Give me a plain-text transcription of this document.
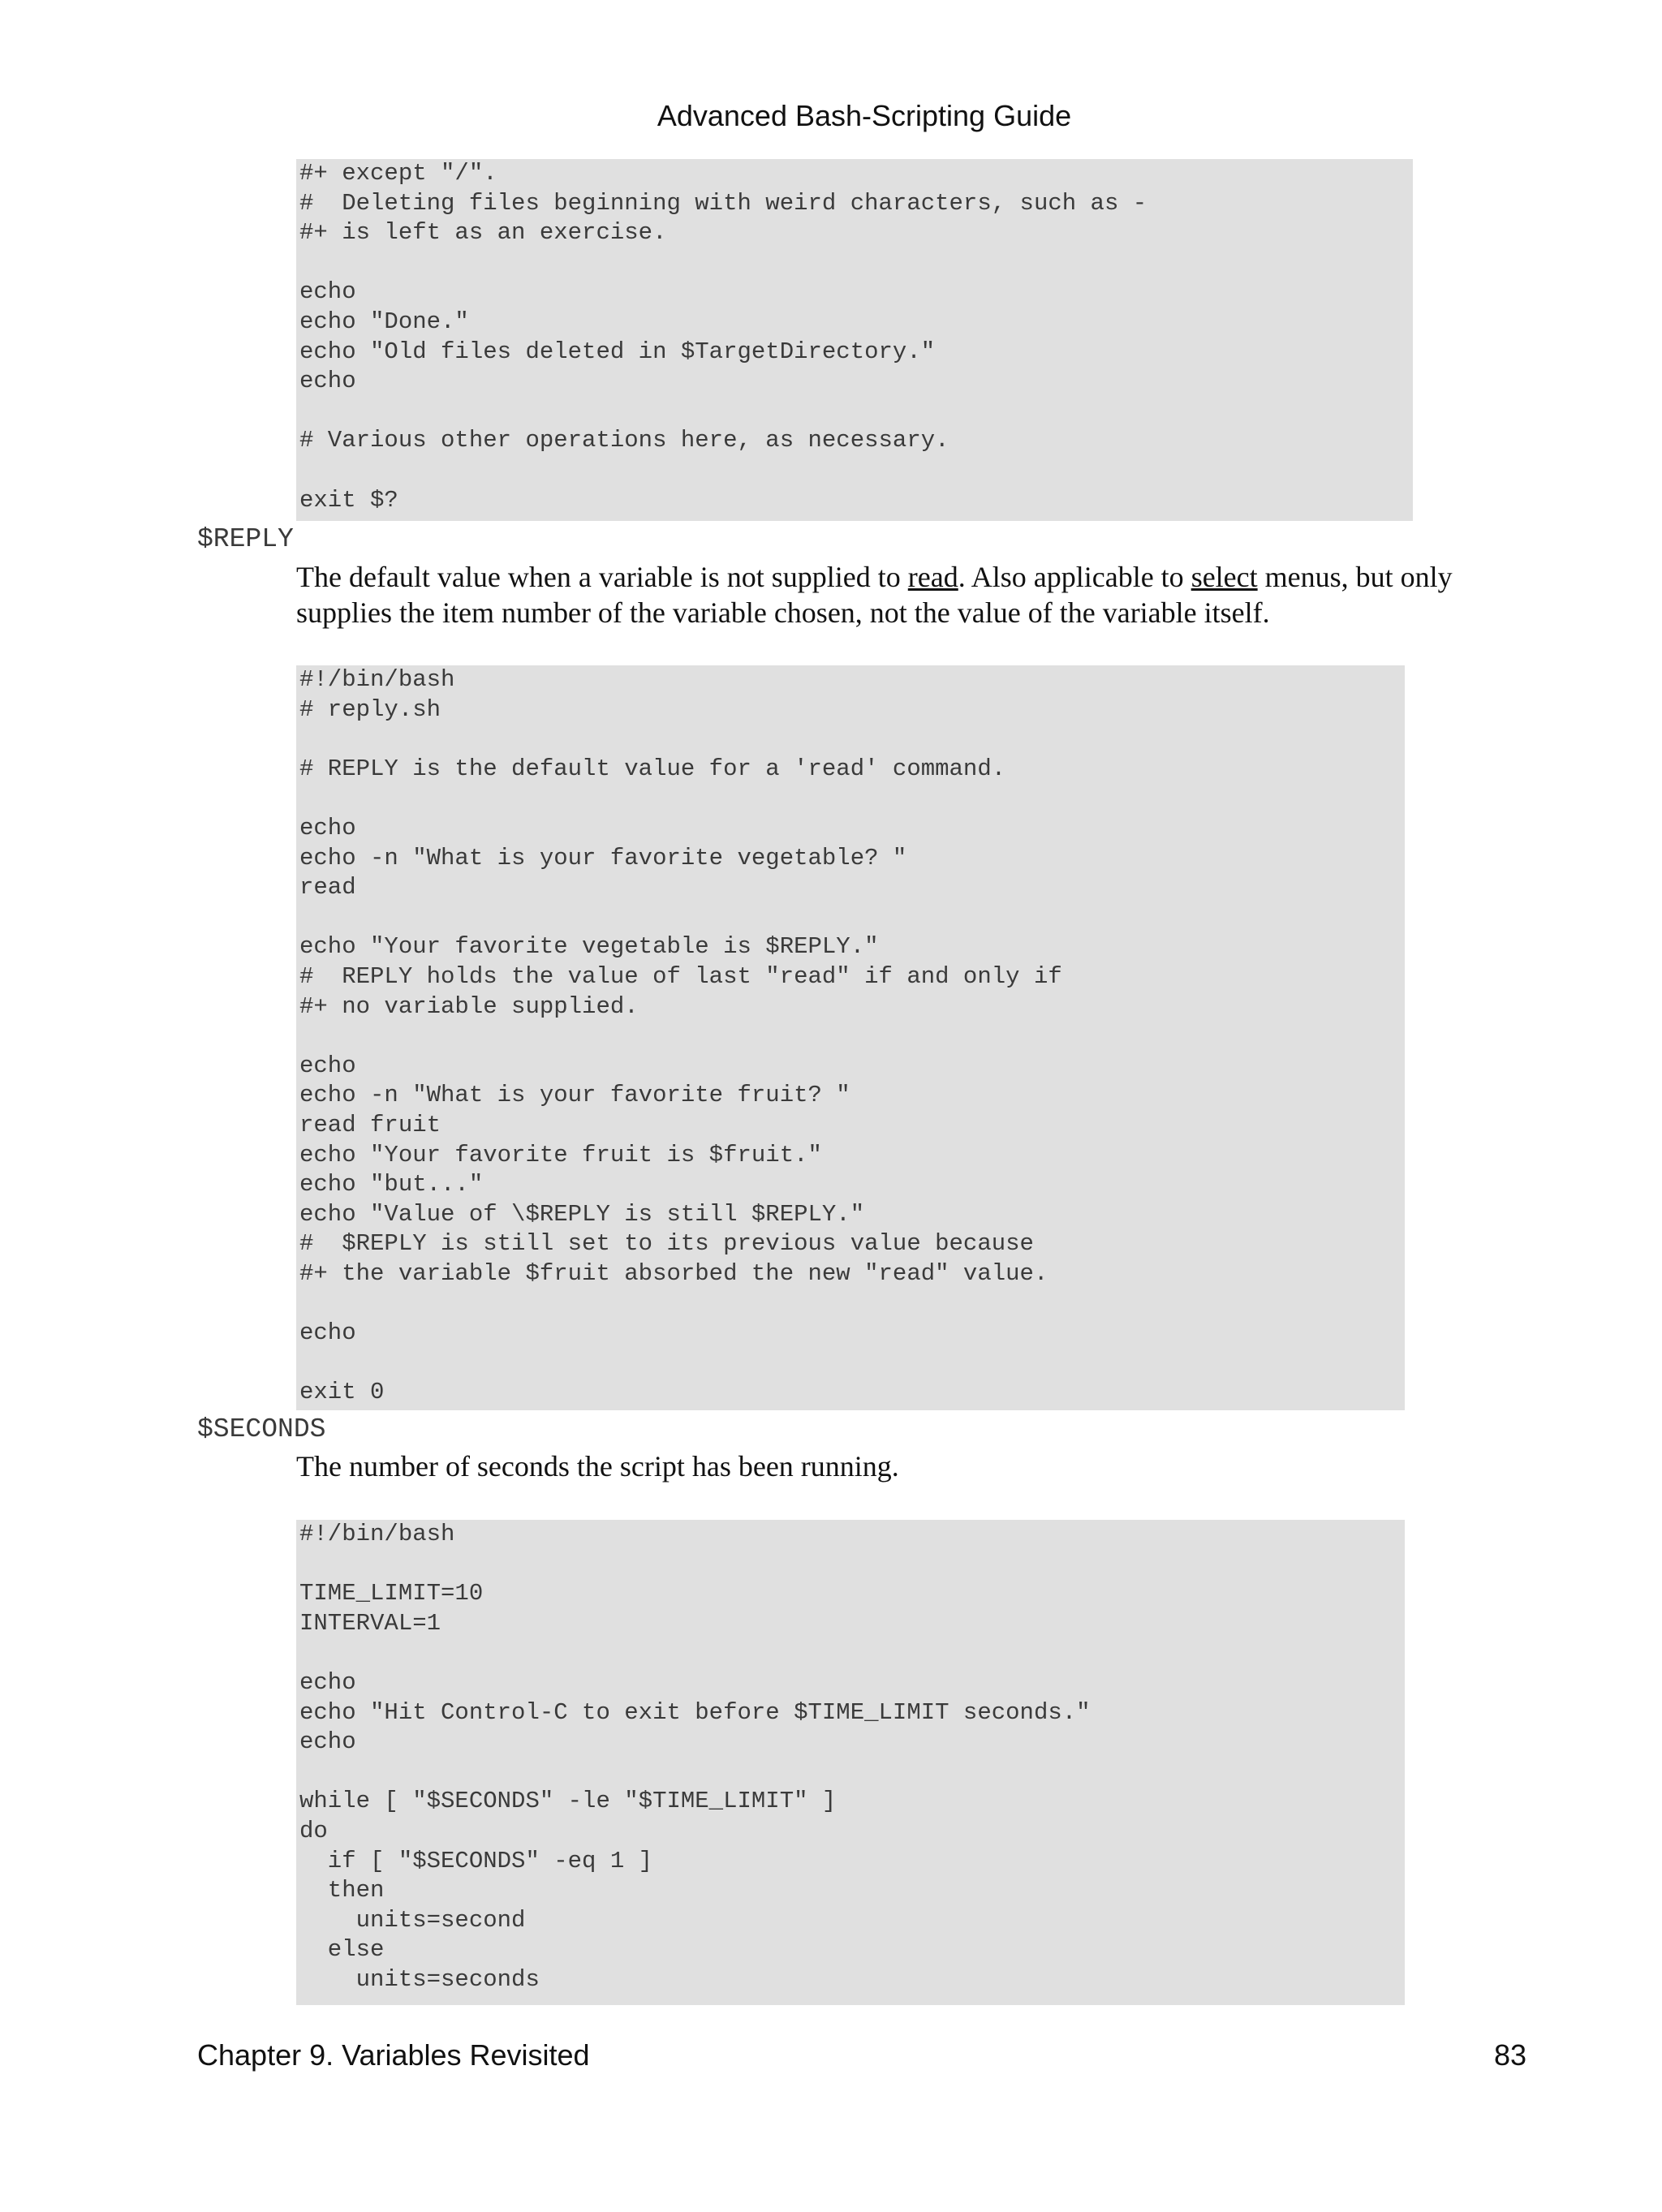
Advanced Bash-Scripting Guide
#+ except "/".
#  Deleting files beginning with weird characters, such as -
#+ is left as an exercise.

echo
echo "Done."
echo "Old files deleted in $TargetDirectory."
echo

# Various other operations here, as necessary.

exit $?
$REPLY
The default value when a variable is not supplied to read. Also applicable to select menus, but only supplies the item number of the variable chosen, not the value of the variable itself.
#!/bin/bash
# reply.sh

# REPLY is the default value for a 'read' command.

echo
echo -n "What is your favorite vegetable? "
read

echo "Your favorite vegetable is $REPLY."
#  REPLY holds the value of last "read" if and only if
#+ no variable supplied.

echo
echo -n "What is your favorite fruit? "
read fruit
echo "Your favorite fruit is $fruit."
echo "but..."
echo "Value of \$REPLY is still $REPLY."
#  $REPLY is still set to its previous value because
#+ the variable $fruit absorbed the new "read" value.

echo

exit 0
$SECONDS
The number of seconds the script has been running.
#!/bin/bash

TIME_LIMIT=10
INTERVAL=1

echo
echo "Hit Control-C to exit before $TIME_LIMIT seconds."
echo

while [ "$SECONDS" -le "$TIME_LIMIT" ]
do
if [ "$SECONDS" -eq 1 ]
then
units=second
else
units=seconds
Chapter 9. Variables Revisited	83
